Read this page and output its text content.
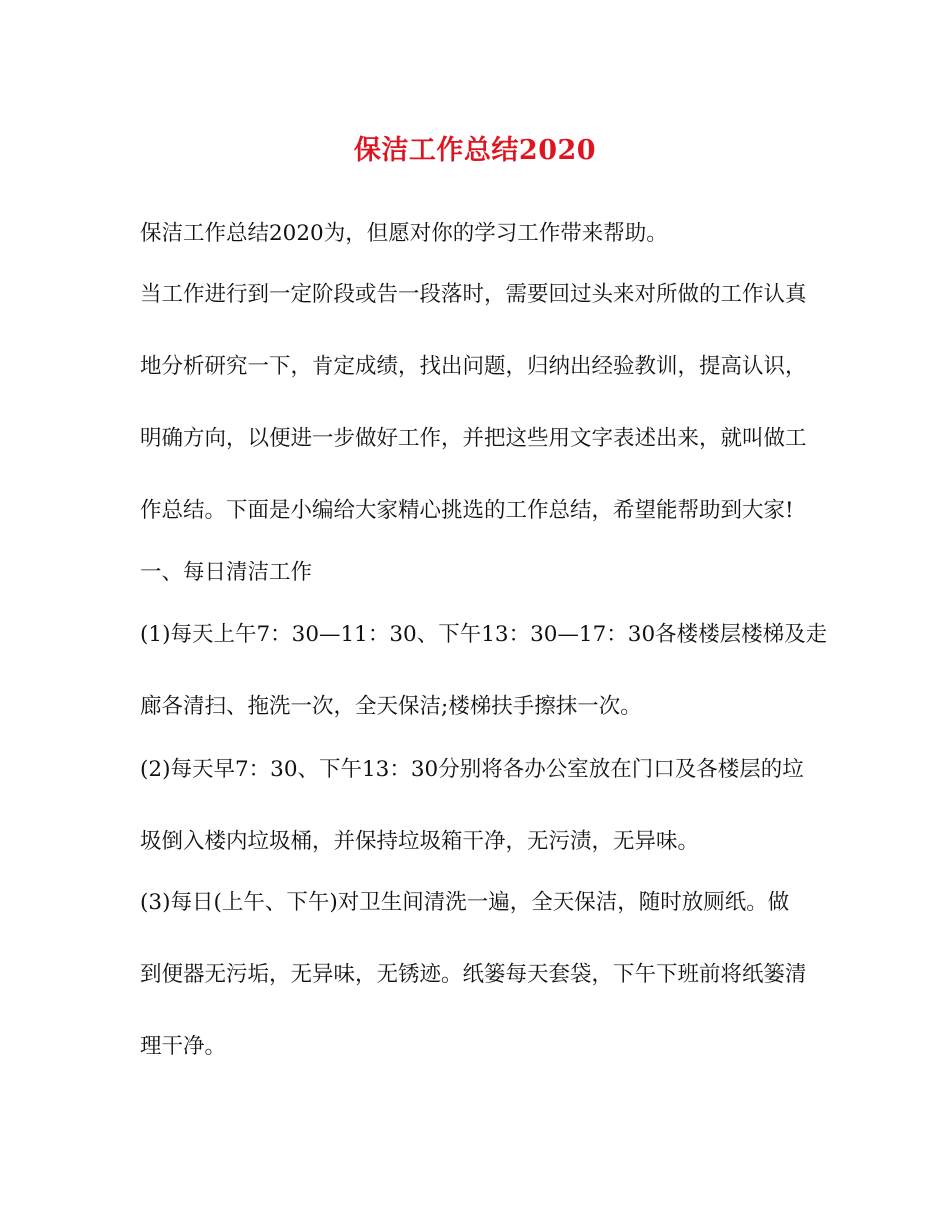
保洁工作总结2020
保洁工作总结2020为，但愿对你的学习工作带来帮助。
当工作进行到一定阶段或告一段落时，需要回过头来对所做的工作认真
地分析研究一下，肯定成绩，找出问题，归纳出经验教训，提高认识，
明确方向，以便进一步做好工作，并把这些用文字表述出来，就叫做工
作总结。下面是小编给大家精心挑选的工作总结，希望能帮助到大家!
一、每日清洁工作
(1)每天上午7：30—11：30、下午13：30—17：30各楼楼层楼梯及走
廊各清扫、拖洗一次，全天保洁;楼梯扶手擦抹一次。
(2)每天早7：30、下午13：30分别将各办公室放在门口及各楼层的垃
圾倒入楼内垃圾桶，并保持垃圾箱干净，无污渍，无异味。
(3)每日(上午、下午)对卫生间清洗一遍，全天保洁，随时放厕纸。做
到便器无污垢，无异味，无锈迹。纸篓每天套袋，下午下班前将纸篓清
理干净。
